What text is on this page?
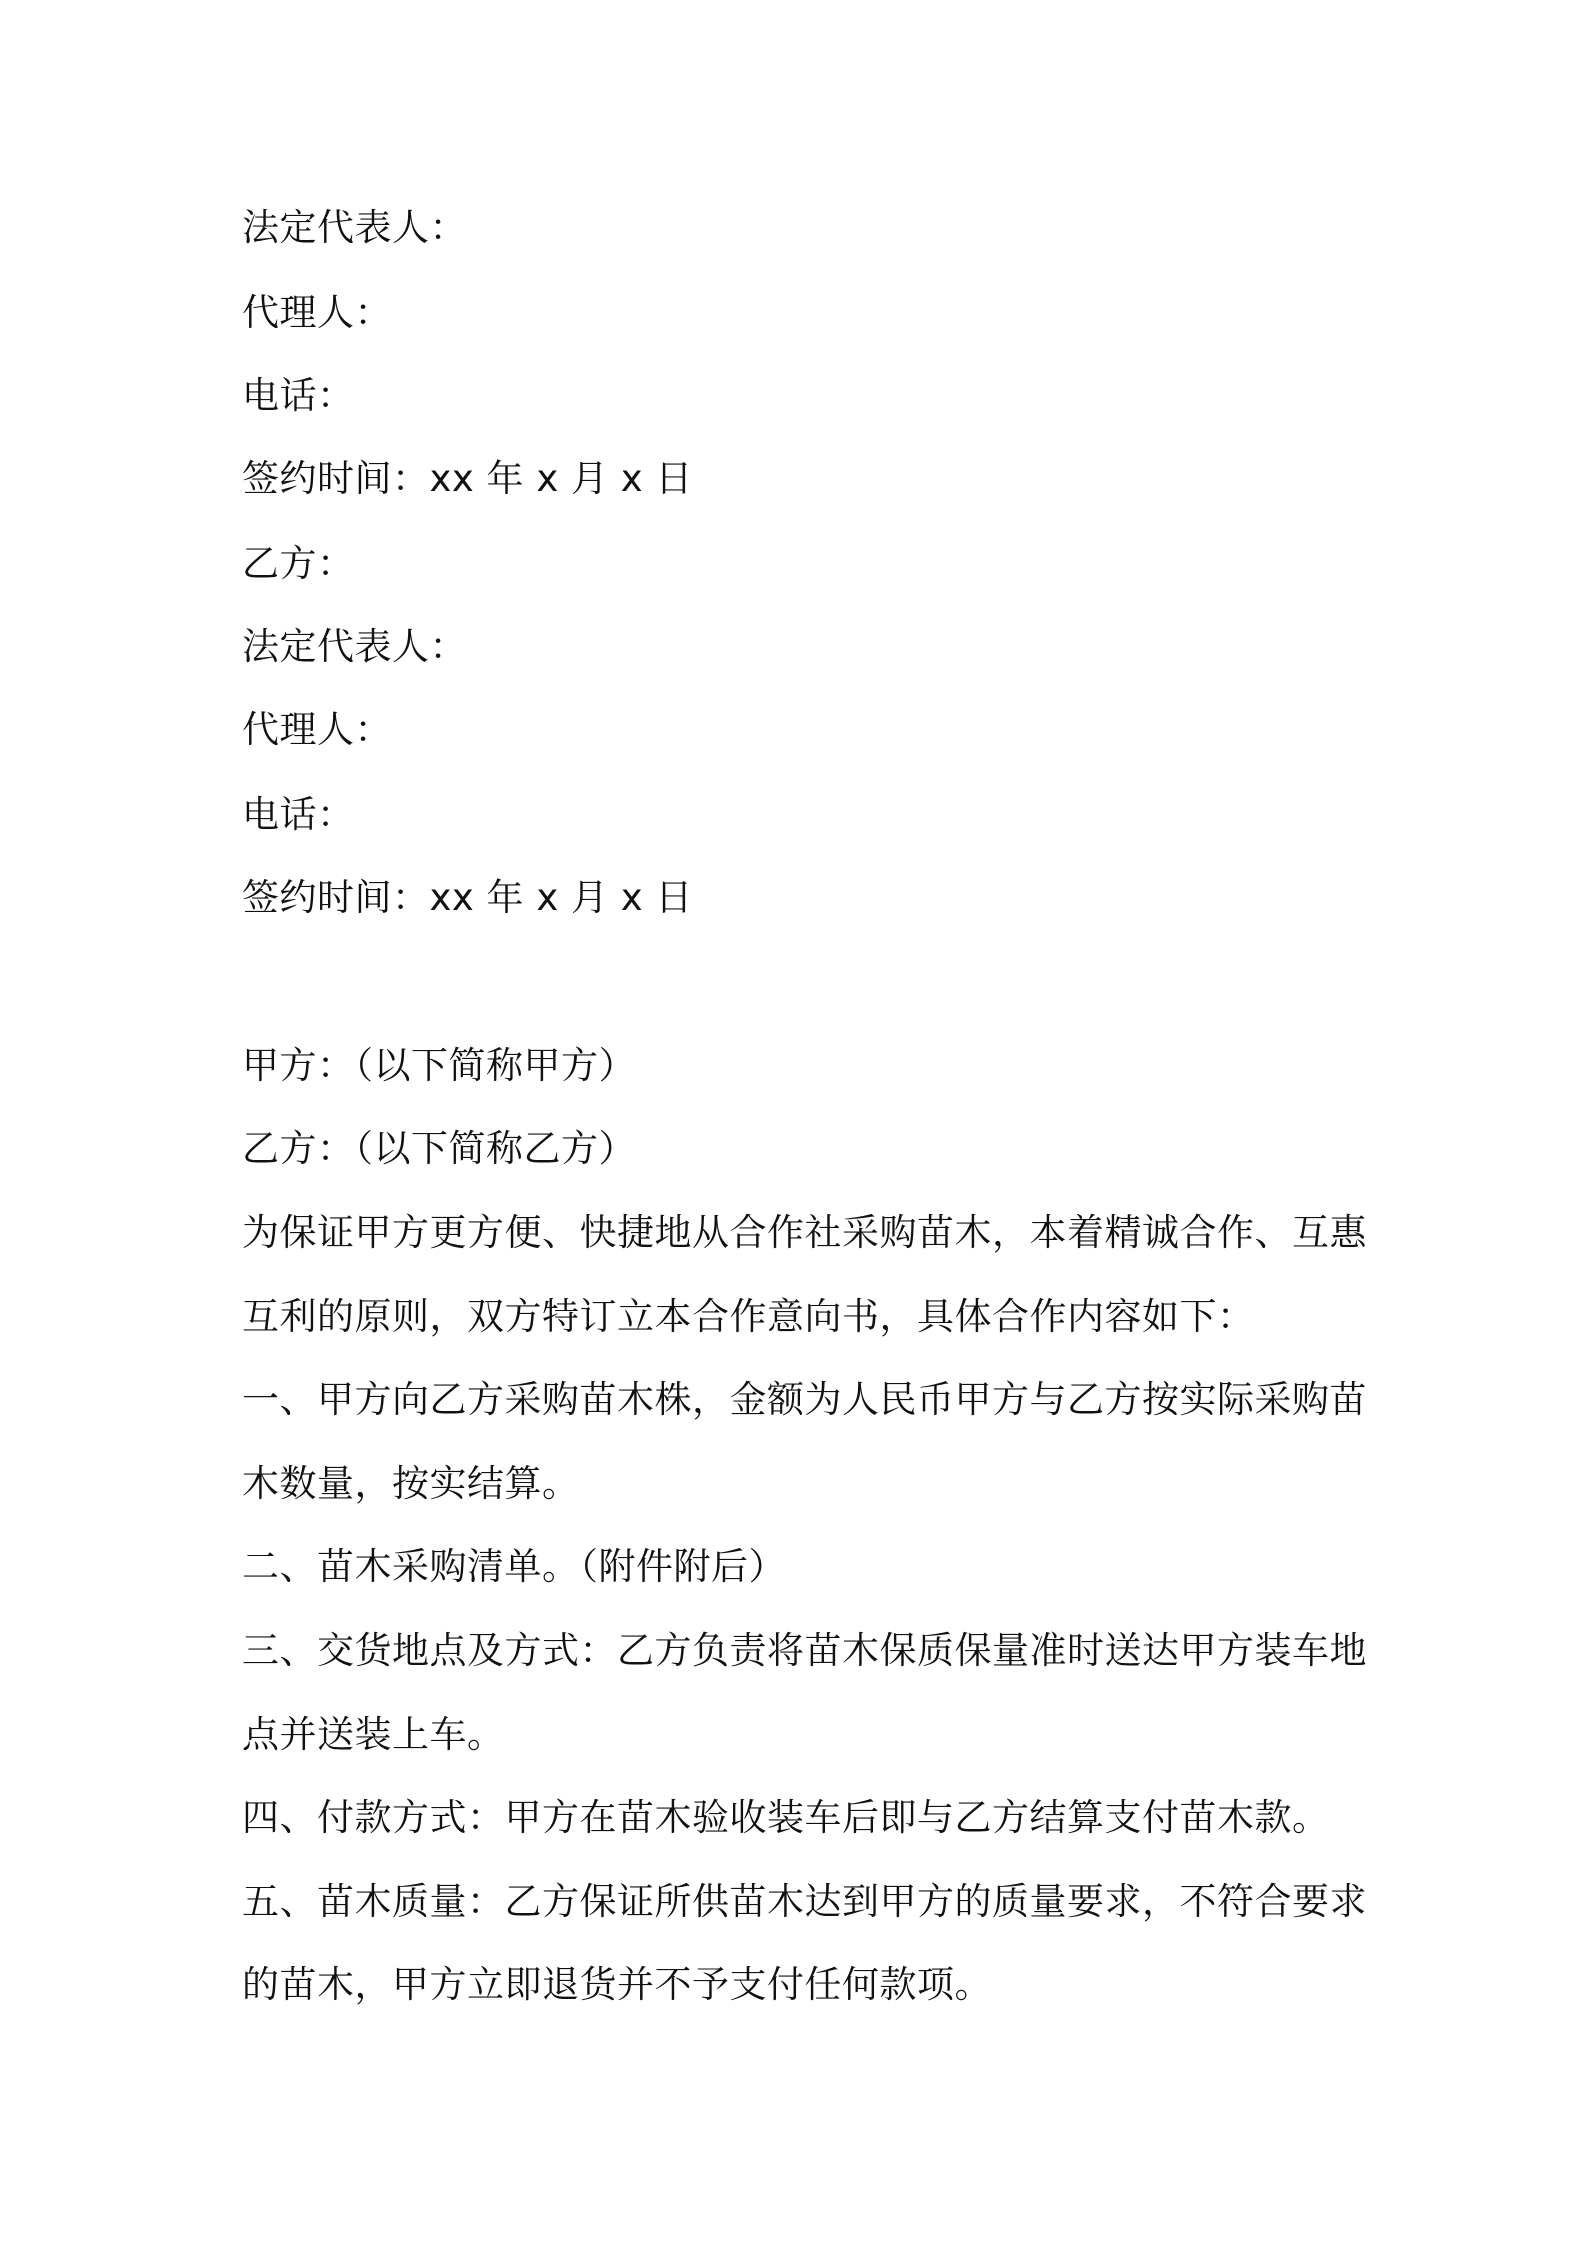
法定代表人：
代理人：
电话：
签约时间：xx 年 x 月 x 日
乙方：
法定代表人：
代理人：
电话：
签约时间：xx 年 x 月 x 日
甲方：（以下简称甲方）
乙方：（以下简称乙方）
为保证甲方更方便、快捷地从合作社采购苗木，本着精诚合作、互惠
互利的原则，双方特订立本合作意向书，具体合作内容如下：
一、甲方向乙方采购苗木株，金额为人民币甲方与乙方按实际采购苗
木数量，按实结算。
二、苗木采购清单。（附件附后）
三、交货地点及方式：乙方负责将苗木保质保量准时送达甲方装车地
点并送装上车。
四、付款方式：甲方在苗木验收装车后即与乙方结算支付苗木款。
五、苗木质量：乙方保证所供苗木达到甲方的质量要求，不符合要求
的苗木，甲方立即退货并不予支付任何款项。
